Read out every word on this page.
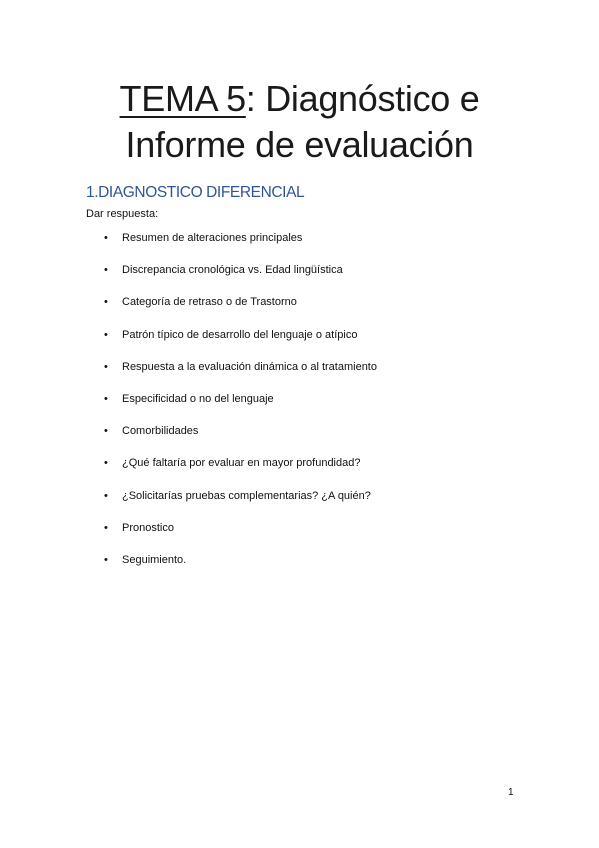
TEMA 5: Diagnóstico e
Informe de evaluación
1.DIAGNOSTICO DIFERENCIAL
Dar respuesta:
• Resumen de alteraciones principales
• Discrepancia cronológica vs. Edad lingüística
• Categoría de retraso o de Trastorno
• Patrón típico de desarrollo del lenguaje o atípico
• Respuesta a la evaluación dinámica o al tratamiento
• Especificidad o no del lenguaje
• Comorbilidades
• ¿Qué faltaría por evaluar en mayor profundidad?
• ¿Solicitarías pruebas complementarias? ¿A quién?
• Pronostico
• Seguimiento.
1
